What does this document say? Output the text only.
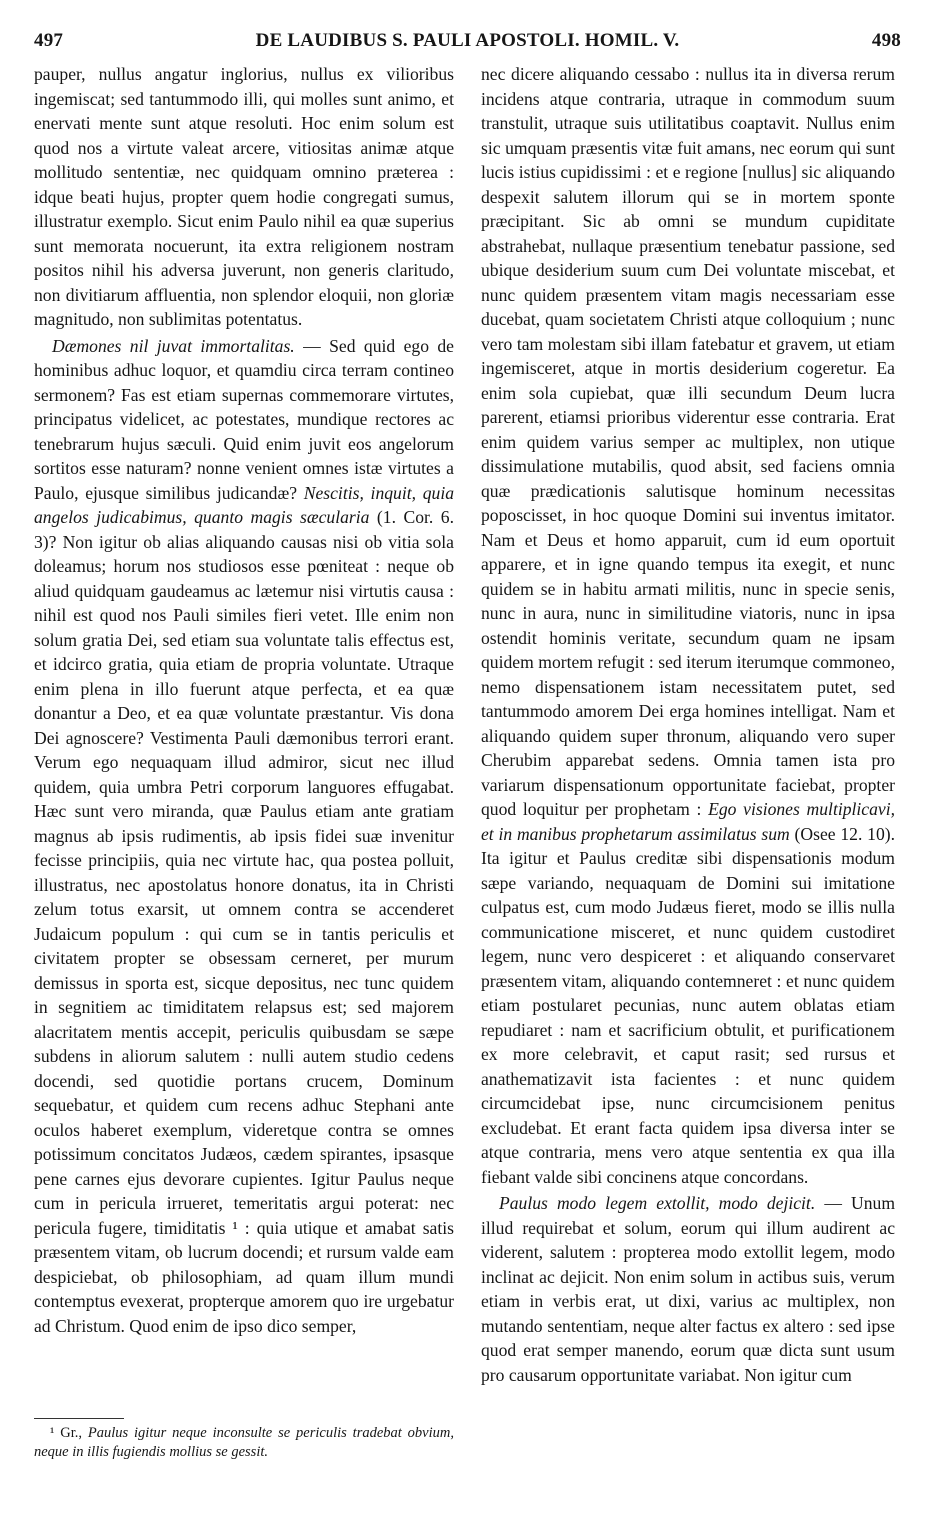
497	DE LAUDIBUS S. PAULI APOSTOLI. HOMIL. V.	498

pauper, nullus angatur inglorius, nullus ex vilioribus ingemiscat; sed tantummodo illi, qui molles sunt animo, et enervati mente sunt atque resoluti. Hoc enim solum est quod nos a virtute valeat arcere, vitiositas animæ atque mollitudo sententiæ, nec quidquam omnino præterea : idque beati hujus, propter quem hodie congregati sumus, illustratur exemplo. Sicut enim Paulo nihil ea quæ superius sunt memorata nocuerunt, ita extra religionem nostram positos nihil his adversa juverunt, non generis claritudo, non divitiarum affluentia, non splendor eloquii, non gloriæ magnitudo, non sublimitas potentatus.

Dæmones nil juvat immortalitas. — Sed quid ego de hominibus adhuc loquor, et quamdiu circa terram contineo sermonem? Fas est etiam supernas commemorare virtutes, principatus videlicet, ac potestates, mundique rectores ac tenebrarum hujus sæculi. Quid enim juvit eos angelorum sortitos esse naturam? nonne venient omnes istæ virtutes a Paulo, ejusque similibus judicandæ? Nescitis, inquit, quia angelos judicabimus, quanto magis sæcularia (1. Cor. 6. 3)? Non igitur ob alias aliquando causas nisi ob vitia sola doleamus; horum nos studiosos esse pœniteat : neque ob aliud quidquam gaudeamus ac lætemur nisi virtutis causa : nihil est quod nos Pauli similes fieri vetet. Ille enim non solum gratia Dei, sed etiam sua voluntate talis effectus est, et idcirco gratia, quia etiam de propria voluntate. Utraque enim plena in illo fuerunt atque perfecta, et ea quæ donantur a Deo, et ea quæ voluntate præstantur. Vis dona Dei agnoscere? Vestimenta Pauli dæmonibus terrori erant. Verum ego nequaquam illud admiror, sicut nec illud quidem, quia umbra Petri corporum languores effugabat. Hæc sunt vero miranda, quæ Paulus etiam ante gratiam magnus ab ipsis rudimentis, ab ipsis fidei suæ invenitur fecisse principiis, quia nec virtute hac, qua postea polluit, illustratus, nec apostolatus honore donatus, ita in Christi zelum totus exarsit, ut omnem contra se accenderet Judaicum populum : qui cum se in tantis periculis et civitatem propter se obsessam cerneret, per murum demissus in sporta est, sicque depositus, nec tunc quidem in segnitiem ac timiditatem relapsus est; sed majorem alacritatem mentis accepit, periculis quibusdam se sæpe subdens in aliorum salutem : nulli autem studio cedens docendi, sed quotidie portans crucem, Dominum sequebatur, et quidem cum recens adhuc Stephani ante oculos haberet exemplum, videretque contra se omnes potissimum concitatos Judæos, cædem spirantes, ipsasque pene carnes ejus devorare cupientes. Igitur Paulus neque cum in pericula irrueret, temeritatis argui poterat: nec pericula fugere, timiditatis ¹ : quia utique et amabat satis præsentem vitam, ob lucrum docendi; et rursum valde eam despiciebat, ob philosophiam, ad quam illum mundi contemptus evexerat, propterque amorem quo ire urgebatur ad Christum. Quod enim de ipso dico semper,

¹ Gr., Paulus igitur neque inconsulte se periculis tradebat obvium, neque in illis fugiendis mollius se gessit.

nec dicere aliquando cessabo : nullus ita in diversa rerum incidens atque contraria, utraque in commodum suum transtulit, utraque suis utilitatibus coaptavit. Nullus enim sic umquam præsentis vitæ fuit amans, nec eorum qui sunt lucis istius cupidissimi : et e regione [nullus] sic aliquando despexit salutem illorum qui se in mortem sponte præcipitant. Sic ab omni se mundum cupiditate abstrahebat, nullaque præsentium tenebatur passione, sed ubique desiderium suum cum Dei voluntate miscebat, et nunc quidem præsentem vitam magis necessariam esse ducebat, quam societatem Christi atque colloquium ; nunc vero tam molestam sibi illam fatebatur et gravem, ut etiam ingemisceret, atque in mortis desiderium cogeretur. Ea enim sola cupiebat, quæ illi secundum Deum lucra parerent, etiamsi prioribus viderentur esse contraria. Erat enim quidem varius semper ac multiplex, non utique dissimulatione mutabilis, quod absit, sed faciens omnia quæ prædicationis salutisque hominum necessitas poposcisset, in hoc quoque Domini sui inventus imitator. Nam et Deus et homo apparuit, cum id eum oportuit apparere, et in igne quando tempus ita exegit, et nunc quidem se in habitu armati militis, nunc in specie senis, nunc in aura, nunc in similitudine viatoris, nunc in ipsa ostendit hominis veritate, secundum quam ne ipsam quidem mortem refugit : sed iterum iterumque commoneo, nemo dispensationem istam necessitatem putet, sed tantummodo amorem Dei erga homines intelligat. Nam et aliquando quidem super thronum, aliquando vero super Cherubim apparebat sedens. Omnia tamen ista pro variarum dispensationum opportunitate faciebat, propter quod loquitur per prophetam : Ego visiones multiplicavi, et in manibus prophetarum assimilatus sum (Osee 12. 10). Ita igitur et Paulus creditæ sibi dispensationis modum sæpe variando, nequaquam de Domini sui imitatione culpatus est, cum modo Judæus fieret, modo se illis nulla communicatione misceret, et nunc quidem custodiret legem, nunc vero despiceret : et aliquando conservaret præsentem vitam, aliquando contemneret : et nunc quidem etiam postularet pecunias, nunc autem oblatas etiam repudiaret : nam et sacrificium obtulit, et purificationem ex more celebravit, et caput rasit; sed rursus et anathematizavit ista facientes : et nunc quidem circumcidebat ipse, nunc circumcisionem penitus excludebat. Et erant facta quidem ipsa diversa inter se atque contraria, mens vero atque sententia ex qua illa fiebant valde sibi concinens atque concordans.

Paulus modo legem extollit, modo dejicit. — Unum illud requirebat et solum, eorum qui illum audirent ac viderent, salutem : propterea modo extollit legem, modo inclinat ac dejicit. Non enim solum in actibus suis, verum etiam in verbis erat, ut dixi, varius ac multiplex, non mutando sententiam, neque alter factus ex altero : sed ipse quod erat semper manendo, eorum quæ dicta sunt usum pro causarum opportunitate variabat. Non igitur cum
